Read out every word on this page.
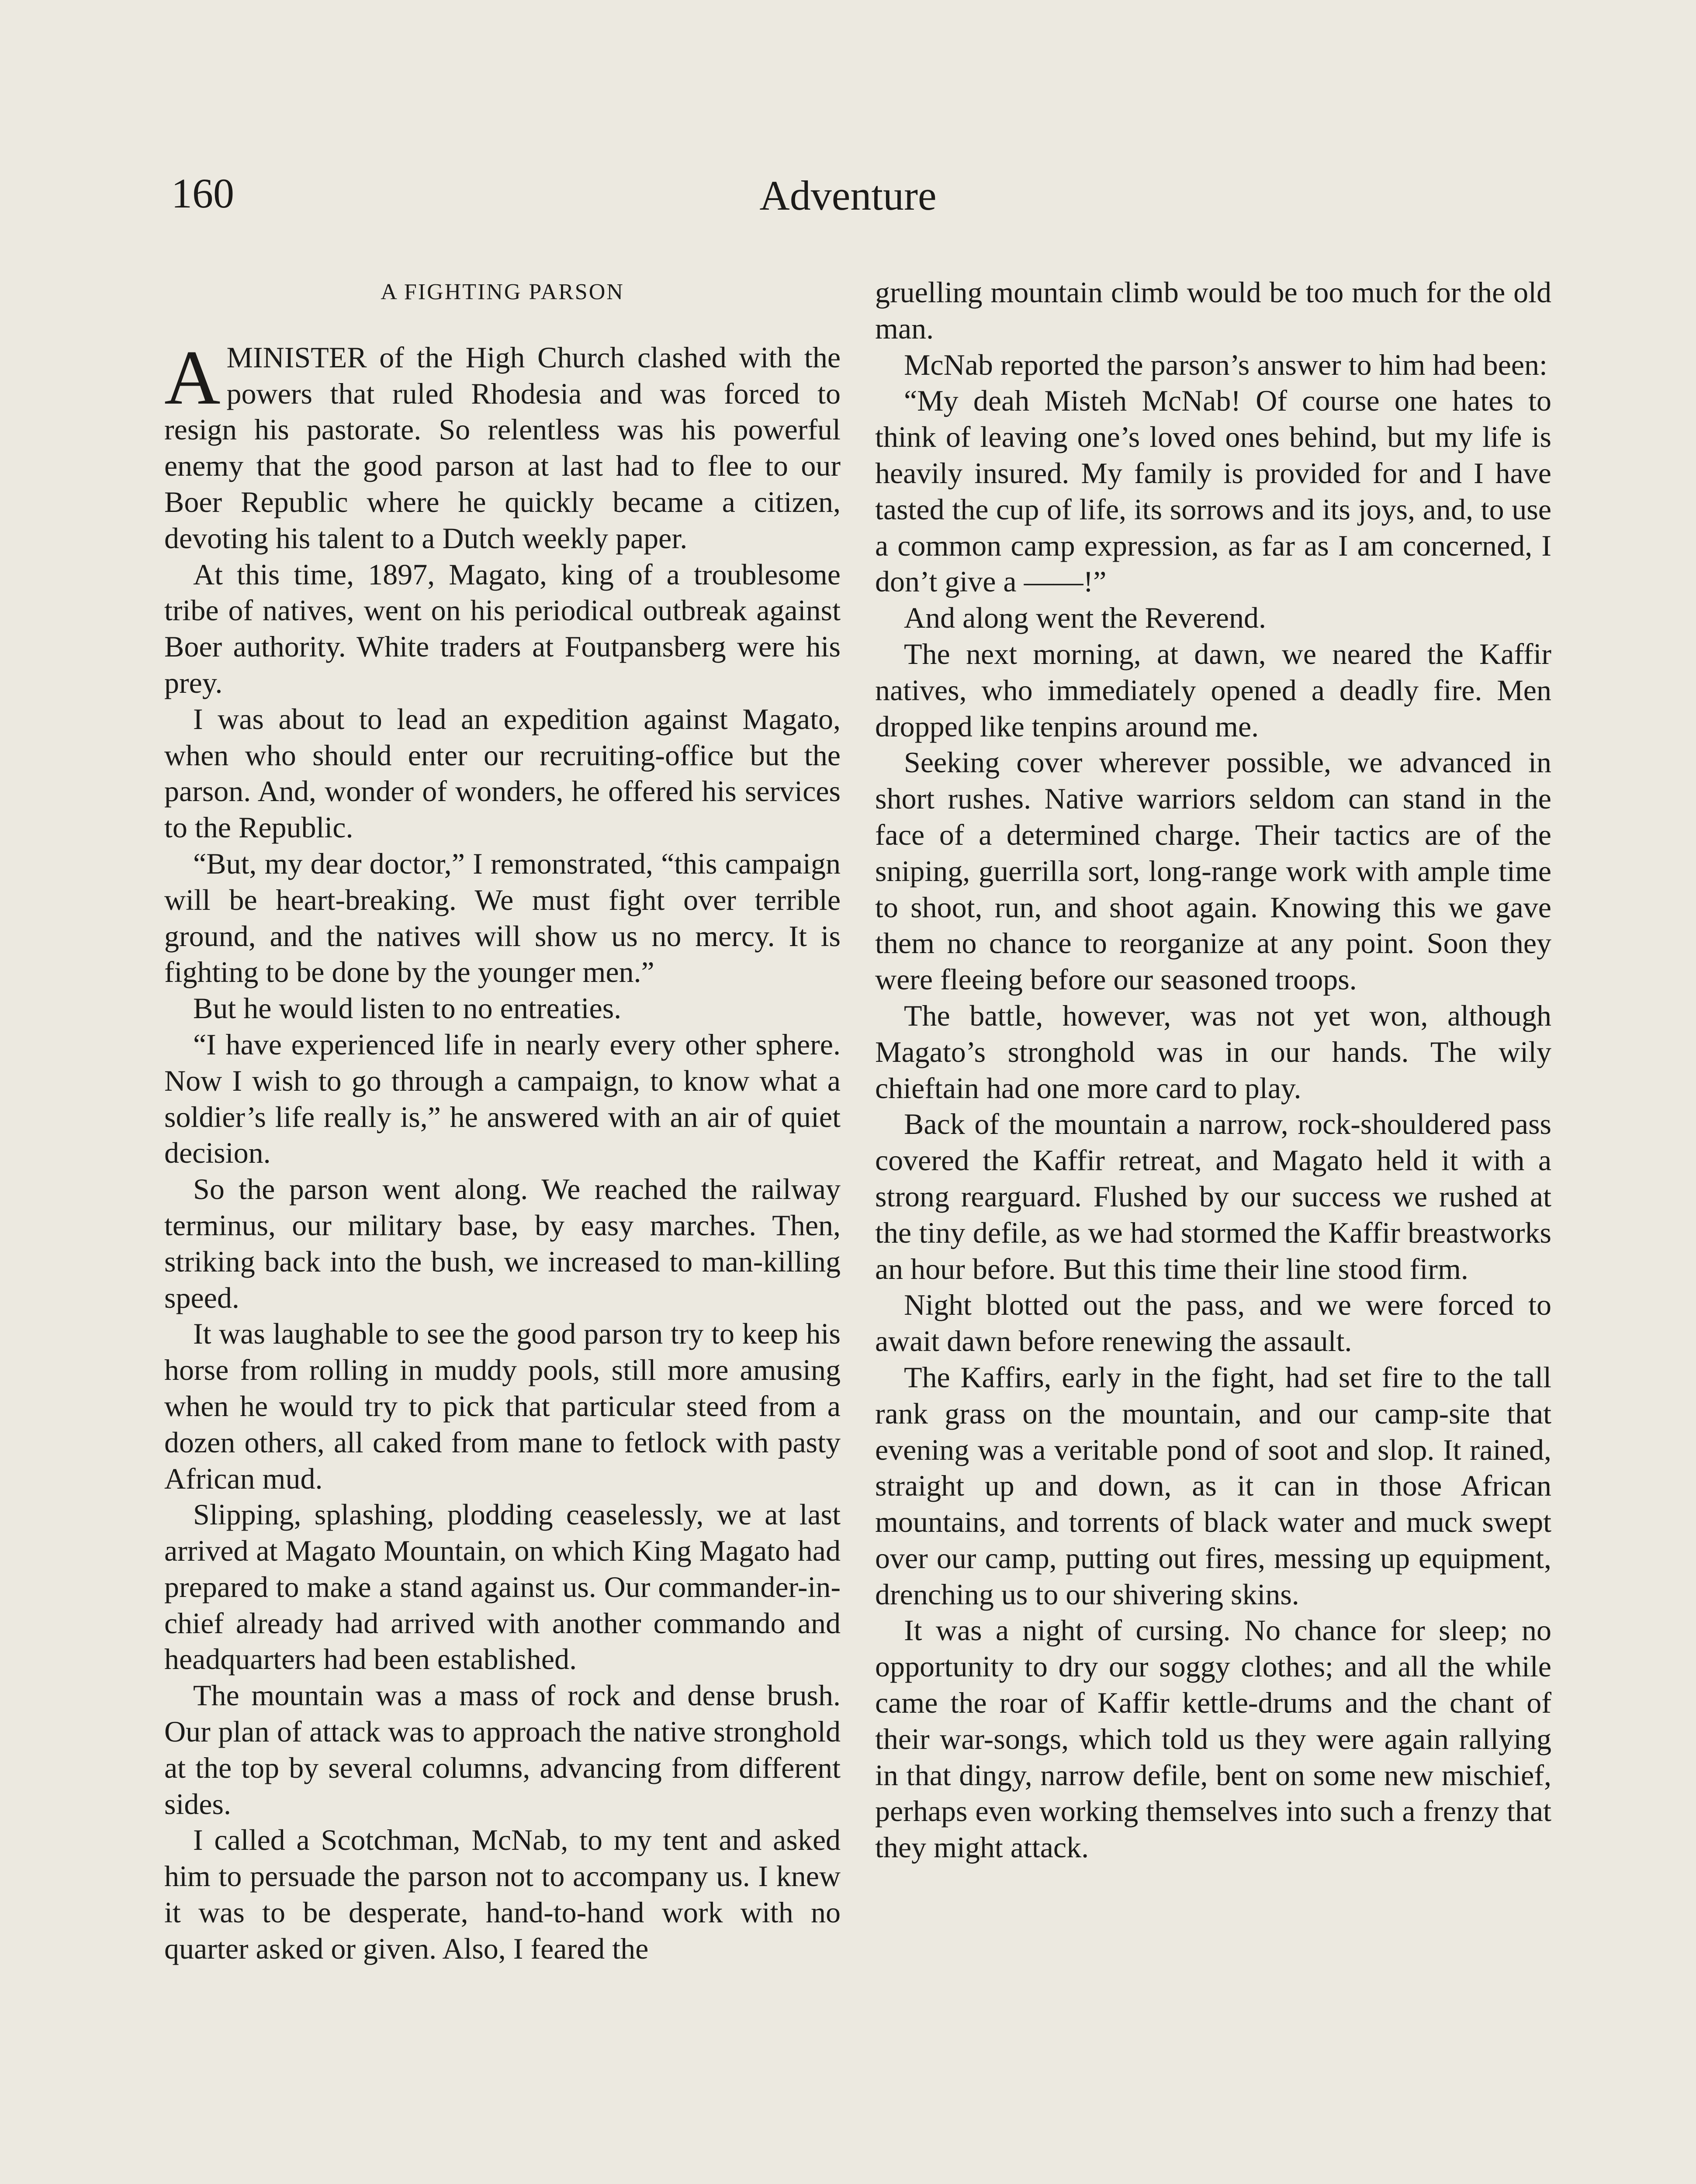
160	Adventure
A FIGHTING PARSON

AMINISTER of the High Church clashed with the powers that ruled Rhodesia and was forced to resign his pastorate. So relentless was his powerful enemy that the good parson at last had to flee to our Boer Republic where he quickly became a citizen, devoting his talent to a Dutch weekly paper.

At this time, 1897, Magato, king of a troublesome tribe of natives, went on his periodical outbreak against Boer authority. White traders at Foutpansberg were his prey.

I was about to lead an expedition against Magato, when who should enter our recruiting-office but the parson. And, wonder of wonders, he offered his services to the Republic.

“But, my dear doctor,” I remonstrated, “this campaign will be heart-breaking. We must fight over terrible ground, and the natives will show us no mercy. It is fighting to be done by the younger men.”

But he would listen to no entreaties.

“I have experienced life in nearly every other sphere. Now I wish to go through a campaign, to know what a soldier’s life really is,” he answered with an air of quiet decision.

So the parson went along. We reached the railway terminus, our military base, by easy marches. Then, striking back into the bush, we increased to man-killing speed.

It was laughable to see the good parson try to keep his horse from rolling in muddy pools, still more amusing when he would try to pick that particular steed from a dozen others, all caked from mane to fetlock with pasty African mud.

Slipping, splashing, plodding ceaselessly, we at last arrived at Magato Mountain, on which King Magato had prepared to make a stand against us. Our commander-in-chief already had arrived with another commando and headquarters had been established.

The mountain was a mass of rock and dense brush. Our plan of attack was to approach the native stronghold at the top by several columns, advancing from different sides.

I called a Scotchman, McNab, to my tent and asked him to persuade the parson not to accompany us. I knew it was to be desperate, hand-to-hand work with no quarter asked or given. Also, I feared the

gruelling mountain climb would be too much for the old man.

McNab reported the parson’s answer to him had been:

“My deah Misteh McNab! Of course one hates to think of leaving one’s loved ones behind, but my life is heavily insured. My family is provided for and I have tasted the cup of life, its sorrows and its joys, and, to use a common camp expression, as far as I am concerned, I don’t give a ——!”

And along went the Reverend.

The next morning, at dawn, we neared the Kaffir natives, who immediately opened a deadly fire. Men dropped like tenpins around me.

Seeking cover wherever possible, we advanced in short rushes. Native warriors seldom can stand in the face of a determined charge. Their tactics are of the sniping, guerrilla sort, long-range work with ample time to shoot, run, and shoot again. Knowing this we gave them no chance to reorganize at any point. Soon they were fleeing before our seasoned troops.

The battle, however, was not yet won, although Magato’s stronghold was in our hands. The wily chieftain had one more card to play.

Back of the mountain a narrow, rock-shouldered pass covered the Kaffir retreat, and Magato held it with a strong rearguard. Flushed by our success we rushed at the tiny defile, as we had stormed the Kaffir breastworks an hour before. But this time their line stood firm.

Night blotted out the pass, and we were forced to await dawn before renewing the assault.

The Kaffirs, early in the fight, had set fire to the tall rank grass on the mountain, and our camp-site that evening was a veritable pond of soot and slop. It rained, straight up and down, as it can in those African mountains, and torrents of black water and muck swept over our camp, putting out fires, messing up equipment, drenching us to our shivering skins.

It was a night of cursing. No chance for sleep; no opportunity to dry our soggy clothes; and all the while came the roar of Kaffir kettle-drums and the chant of their war-songs, which told us they were again rallying in that dingy, narrow defile, bent on some new mischief, perhaps even working themselves into such a frenzy that they might attack.
